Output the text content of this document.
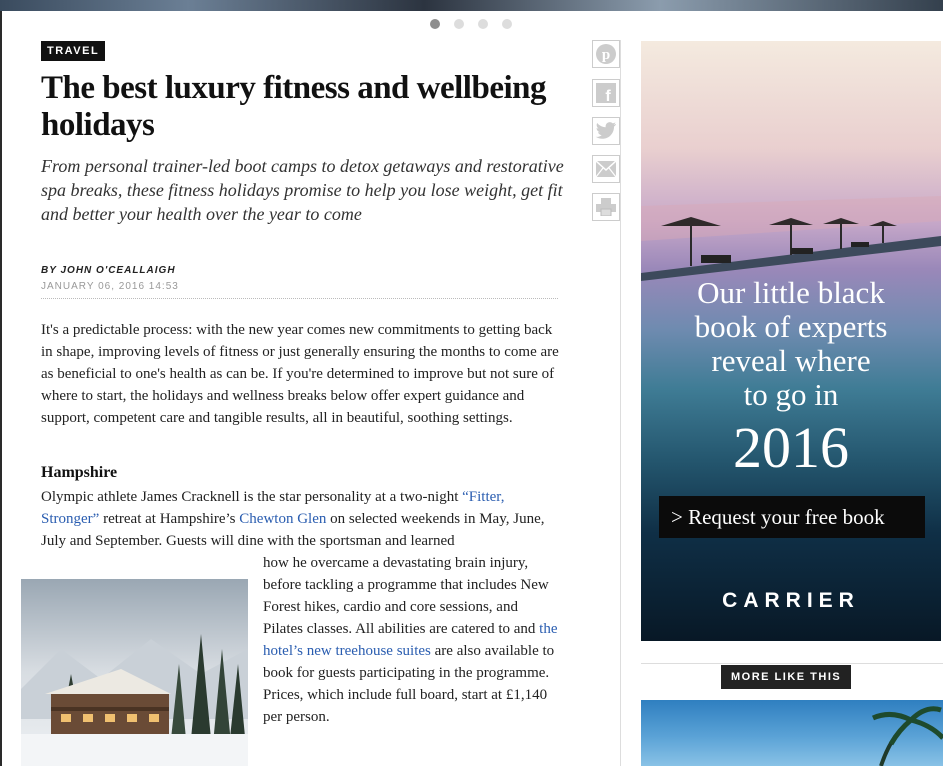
TRAVEL
The best luxury fitness and wellbeing holidays

From personal trainer-led boot camps to detox getaways and restorative spa breaks, these fitness holidays promise to help you lose weight, get fit and better your health over the year to come

BY JOHN O'CEALLAIGH
JANUARY 06, 2016 14:53

It's a predictable process: with the new year comes new commitments to getting back in shape, improving levels of fitness or just generally ensuring the months to come are as beneficial to one's health as can be. If you're determined to improve but not sure of where to start, the holidays and wellness breaks below offer expert guidance and support, competent care and tangible results, all in beautiful, soothing settings.

Hampshire

Olympic athlete James Cracknell is the star personality at a two-night “Fitter, Stronger” retreat at Hampshire’s Chewton Glen on selected weekends in May, June, July and September. Guests will dine with the sportsman and learned

how he overcame a devastating brain injury, before tackling a programme that includes New Forest hikes, cardio and core sessions, and Pilates classes. All abilities are catered to and the hotel’s new treehouse suites are also available to book for guests participating in the programme. Prices, which include full board, start at £1,140 per person.

p
f
Our little black
book of experts
reveal where
to go in
2016
> Request your free book
CARRIER
MORE LIKE THIS
